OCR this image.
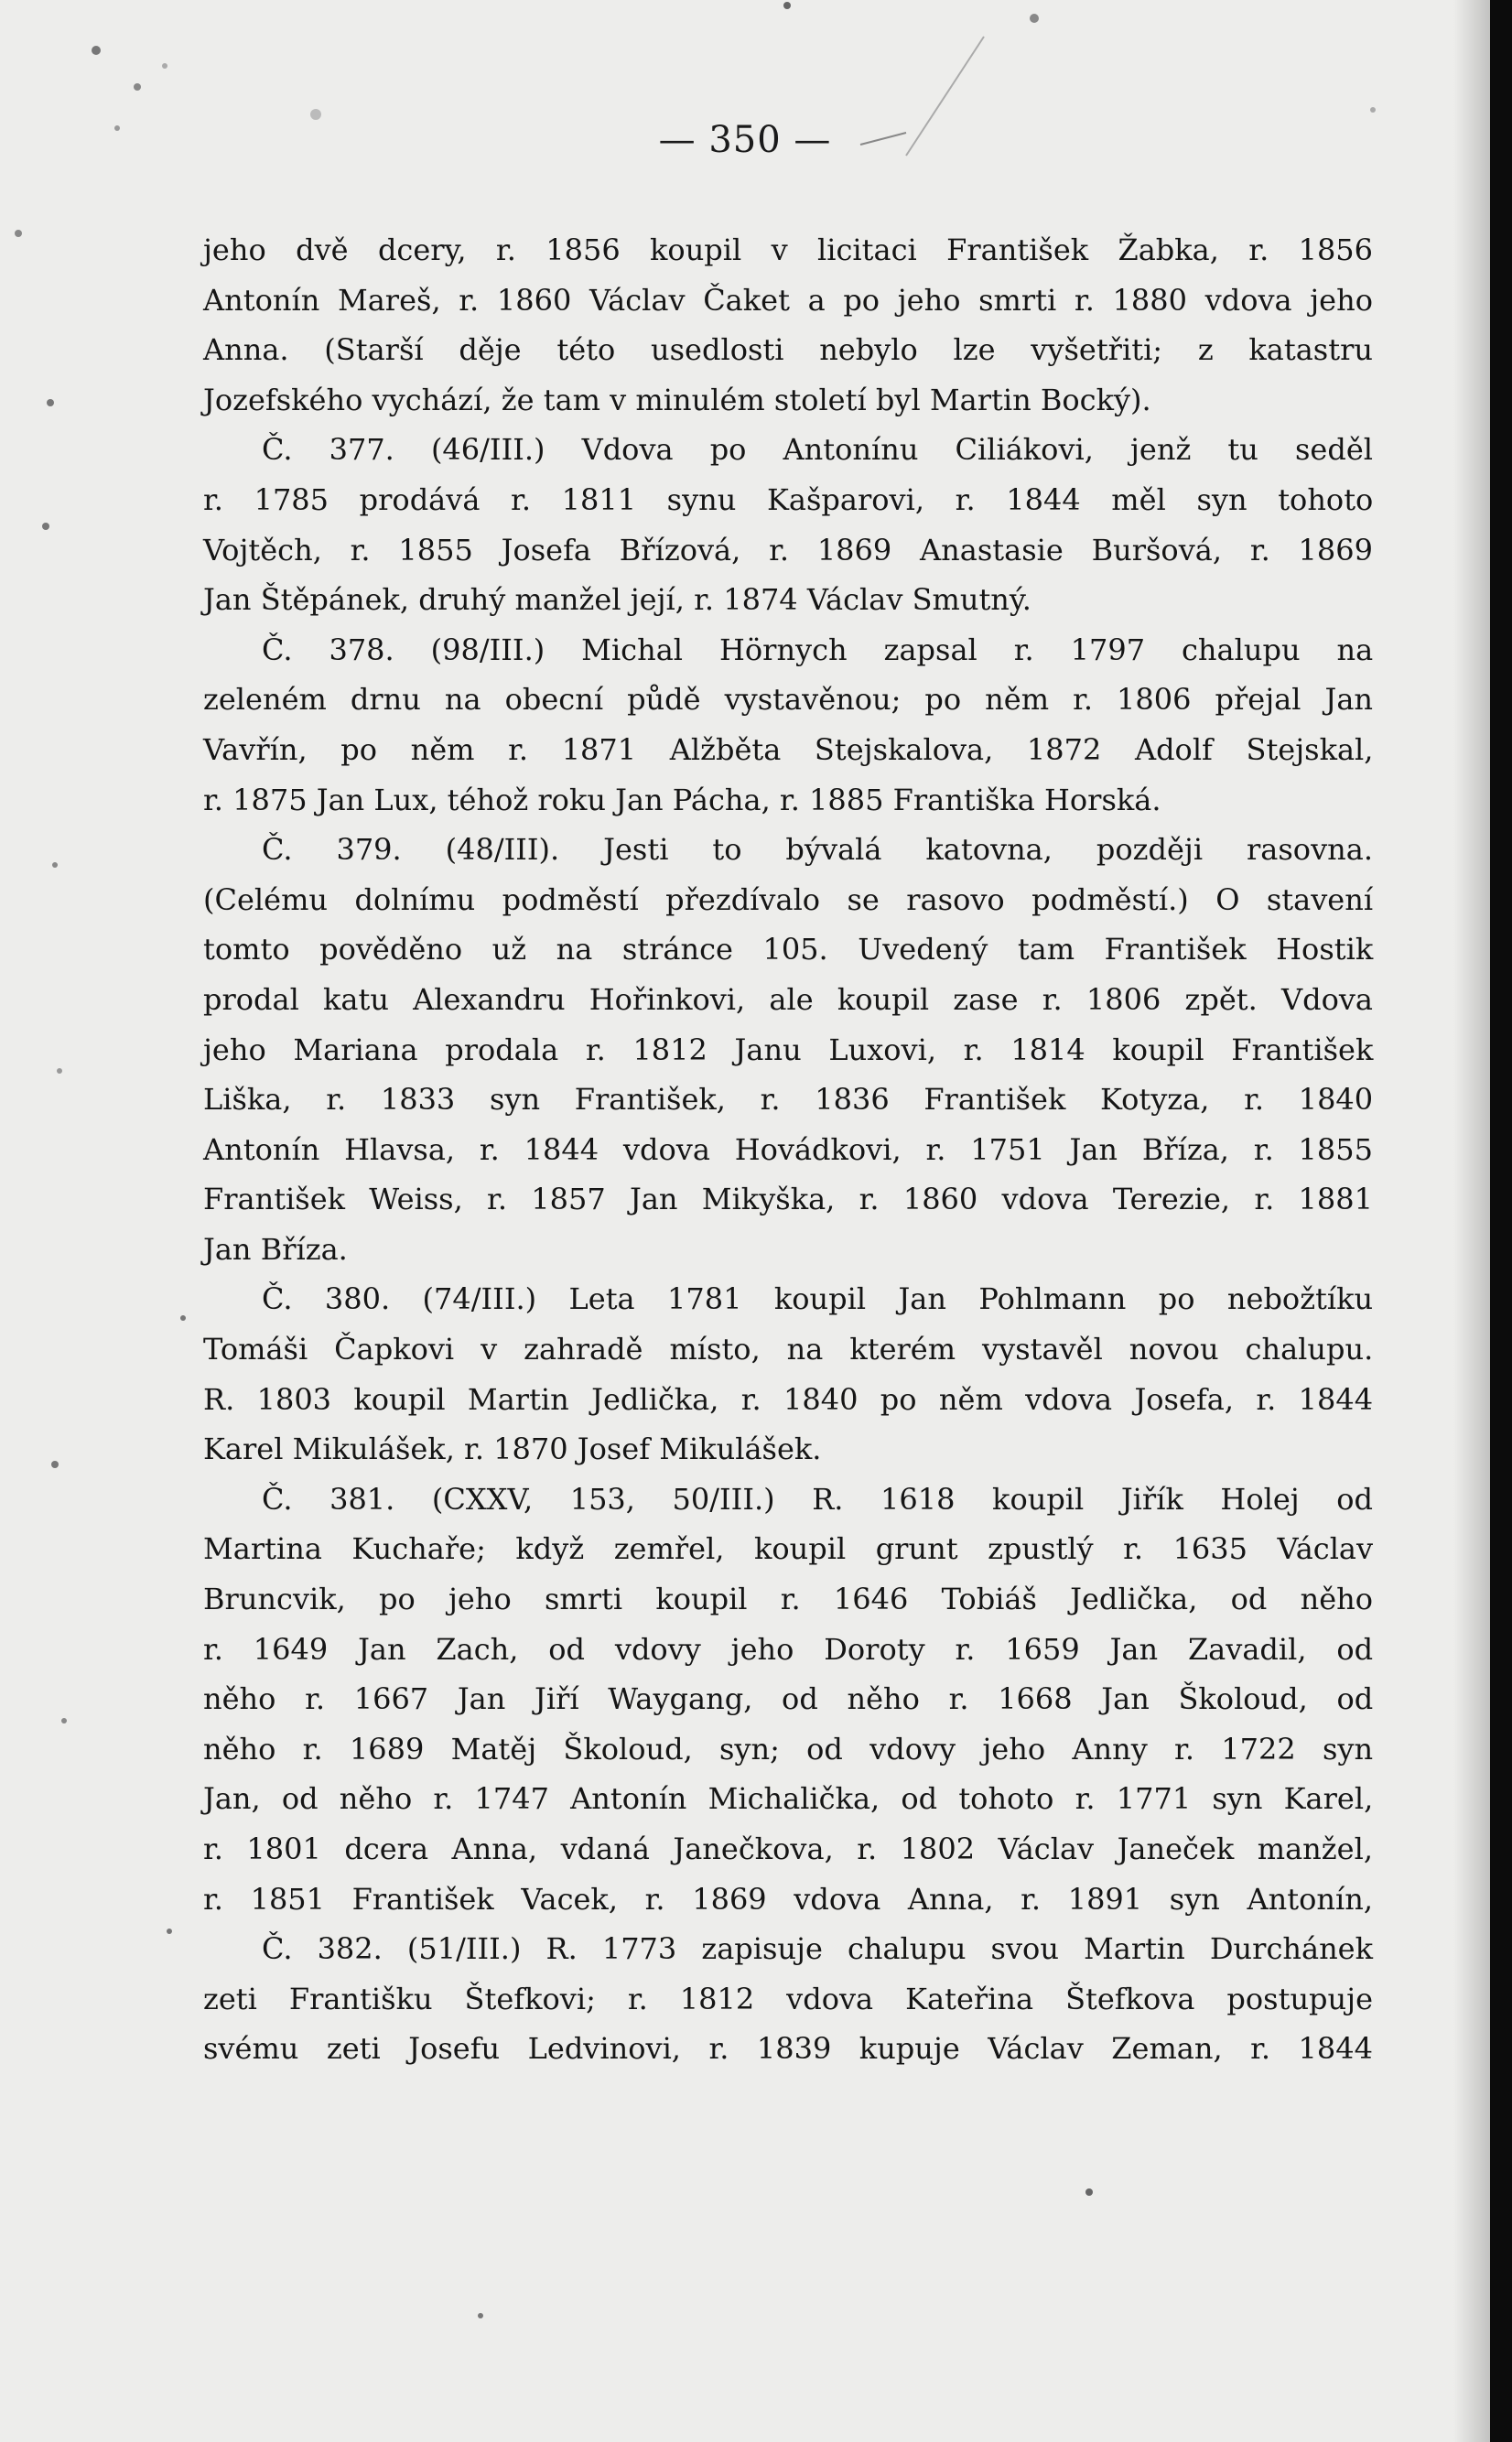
— 350 —

jeho dvě dcery, r. 1856 koupil v licitaci František Žabka, r. 1856
Antonín Mareš, r. 1860 Václav Čaket a po jeho smrti r. 1880 vdova jeho
Anna. (Starší děje této usedlosti nebylo lze vyšetřiti; z katastru
Jozefského vychází, že tam v minulém století byl Martin Bocký).
  Č. 377. (46/III.) Vdova po Antonínu Ciliákovi, jenž tu seděl
r. 1785 prodává r. 1811 synu Kašparovi, r. 1844 měl syn tohoto
Vojtěch, r. 1855 Josefa Břízová, r. 1869 Anastasie Buršová, r. 1869
Jan Štěpánek, druhý manžel její, r. 1874 Václav Smutný.
  Č. 378. (98/III.) Michal Hörnych zapsal r. 1797 chalupu na
zeleném drnu na obecní půdě vystavěnou; po něm r. 1806 přejal Jan
Vavřín, po něm r. 1871 Alžběta Stejskalova, 1872 Adolf Stejskal,
r. 1875 Jan Lux, téhož roku Jan Pácha, r. 1885 Františka Horská.
  Č. 379. (48/III). Jesti to bývalá katovna, později rasovna.
(Celému dolnímu podměstí přezdívalo se rasovo podměstí.) O stavení
tomto pověděno už na stránce 105. Uvedený tam František Hostik
prodal katu Alexandru Hořinkovi, ale koupil zase r. 1806 zpět. Vdova
jeho Mariana prodala r. 1812 Janu Luxovi, r. 1814 koupil František
Liška, r. 1833 syn František, r. 1836 František Kotyza, r. 1840
Antonín Hlavsa, r. 1844 vdova Hovádkovi, r. 1751 Jan Bříza, r. 1855
František Weiss, r. 1857 Jan Mikyška, r. 1860 vdova Terezie, r. 1881
Jan Bříza.
  Č. 380. (74/III.) Leta 1781 koupil Jan Pohlmann po nebožtíku
Tomáši Čapkovi v zahradě místo, na kterém vystavěl novou chalupu.
R. 1803 koupil Martin Jedlička, r. 1840 po něm vdova Josefa, r. 1844
Karel Mikulášek, r. 1870 Josef Mikulášek.
  Č. 381. (CXXV, 153, 50/III.) R. 1618 koupil Jiřík Holej od
Martina Kuchaře; když zemřel, koupil grunt zpustlý r. 1635 Václav
Bruncvik, po jeho smrti koupil r. 1646 Tobiáš Jedlička, od něho
r. 1649 Jan Zach, od vdovy jeho Doroty r. 1659 Jan Zavadil, od
něho r. 1667 Jan Jiří Waygang, od něho r. 1668 Jan Školoud, od
něho r. 1689 Matěj Školoud, syn; od vdovy jeho Anny r. 1722 syn
Jan, od něho r. 1747 Antonín Michalička, od tohoto r. 1771 syn Karel,
r. 1801 dcera Anna, vdaná Janečkova, r. 1802 Václav Janeček manžel,
r. 1851 František Vacek, r. 1869 vdova Anna, r. 1891 syn Antonín,
  Č. 382. (51/III.) R. 1773 zapisuje chalupu svou Martin Durchánek
zeti Františku Štefkovi; r. 1812 vdova Kateřina Štefkova postupuje
svému zeti Josefu Ledvinovi, r. 1839 kupuje Václav Zeman, r. 1844
